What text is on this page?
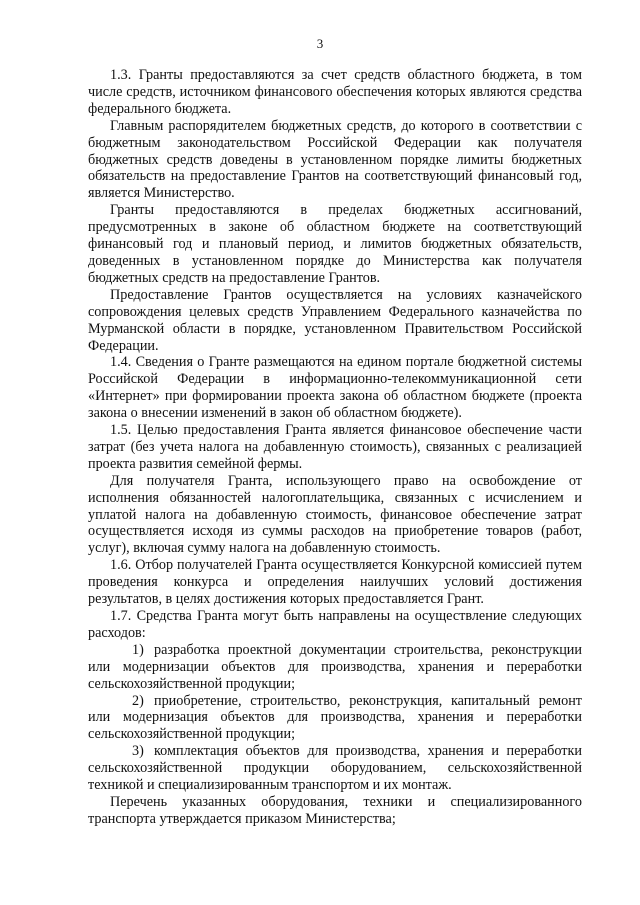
3

1.3. Гранты предоставляются за счет средств областного бюджета, в том числе средств, источником финансового обеспечения которых являются средства федерального бюджета.

Главным распорядителем бюджетных средств, до которого в соответствии с бюджетным законодательством Российской Федерации как получателя бюджетных средств доведены в установленном порядке лимиты бюджетных обязательств на предоставление Грантов на соответствующий финансовый год, является Министерство.

Гранты предоставляются в пределах бюджетных ассигнований, предусмотренных в законе об областном бюджете на соответствующий финансовый год и плановый период, и лимитов бюджетных обязательств, доведенных в установленном порядке до Министерства как получателя бюджетных средств на предоставление Грантов.

Предоставление Грантов осуществляется на условиях казначейского сопровождения целевых средств Управлением Федерального казначейства по Мурманской области в порядке, установленном Правительством Российской Федерации.

1.4. Сведения о Гранте размещаются на едином портале бюджетной системы Российской Федерации в информационно-телекоммуникационной сети «Интернет» при формировании проекта закона об областном бюджете (проекта закона о внесении изменений в закон об областном бюджете).

1.5. Целью предоставления Гранта является финансовое обеспечение части затрат (без учета налога на добавленную стоимость), связанных с реализацией проекта развития семейной фермы.

Для получателя Гранта, использующего право на освобождение от исполнения обязанностей налогоплательщика, связанных с исчислением и уплатой налога на добавленную стоимость, финансовое обеспечение затрат осуществляется исходя из суммы расходов на приобретение товаров (работ, услуг), включая сумму налога на добавленную стоимость.

1.6. Отбор получателей Гранта осуществляется Конкурсной комиссией путем проведения конкурса и определения наилучших условий достижения результатов, в целях достижения которых предоставляется Грант.

1.7. Средства Гранта могут быть направлены на осуществление следующих расходов:

1) разработка проектной документации строительства, реконструкции или модернизации объектов для производства, хранения и переработки сельскохозяйственной продукции;

2) приобретение, строительство, реконструкция, капитальный ремонт или модернизация объектов для производства, хранения и переработки сельскохозяйственной продукции;

3) комплектация объектов для производства, хранения и переработки сельскохозяйственной продукции оборудованием, сельскохозяйственной техникой и специализированным транспортом и их монтаж.

Перечень указанных оборудования, техники и специализированного транспорта утверждается приказом Министерства;
